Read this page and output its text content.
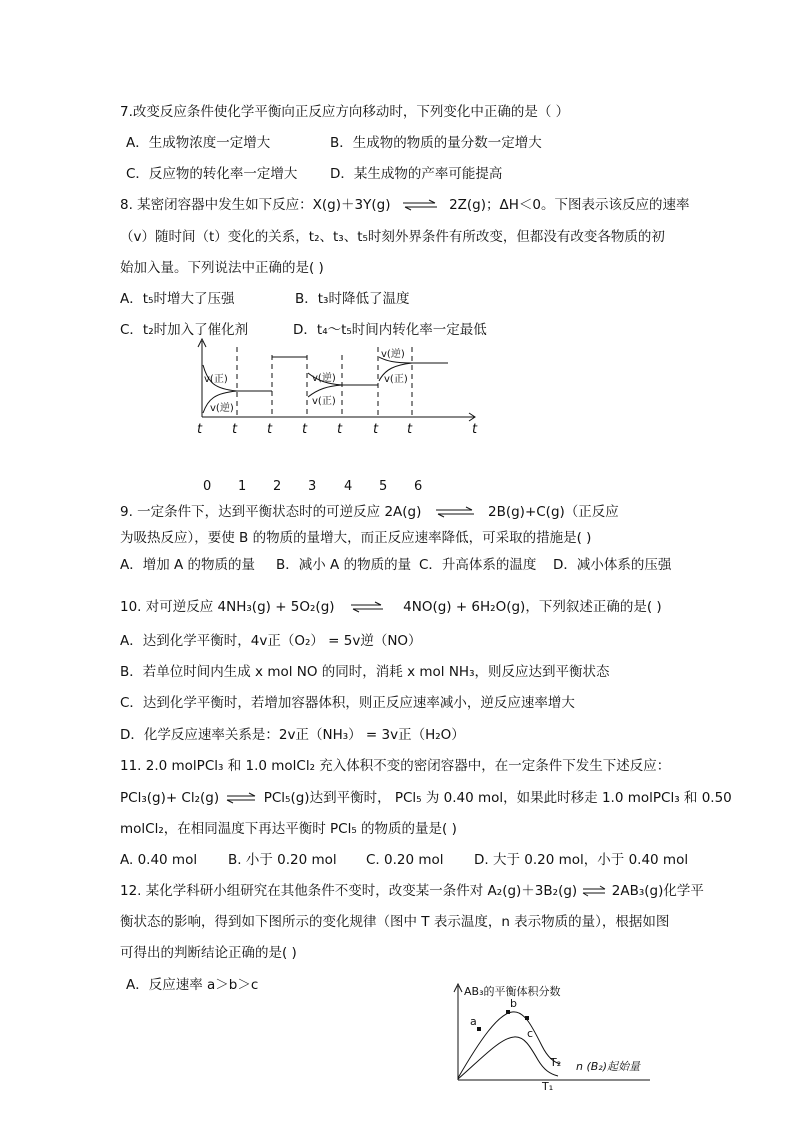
7.改变反应条件使化学平衡向正反应方向移动时，下列变化中正确的是（ ）
A．生成物浓度一定增大	B．生成物的物质的量分数一定增大
C．反应物的转化率一定增大 D．某生成物的产率可能提高
8. 某密闭容器中发生如下反应：X(g)＋3Y(g) ⇌ 2Z(g)；ΔH＜0。下图表示该反应的速率
（v）随时间（t）变化的关系，t₂、t₃、t₅时刻外界条件有所改变，但都没有改变各物质的初
始加入量。下列说法中正确的是( )
A．t₅时增大了压强	B．t₃时降低了温度
C．t₂时加入了催化剂	D．t₄～t₅时间内转化率一定最低
v(正)
v(逆)
v(逆)
v(正)
v(逆)
v(正)
t t t t t t t	t
0 1 2 3 4 5 6
9. 一定条件下，达到平衡状态时的可逆反应 2A(g) ⇌ 2B(g)+C(g)（正反应
为吸热反应），要使 B 的物质的量增大，而正反应速率降低，可采取的措施是( )
A．增加 A 的物质的量 B．减小 A 的物质的量 C．升高体系的温度 D．减小体系的压强
10. 对可逆反应 4NH₃(g) + 5O₂(g) ⇌ 4NO(g) + 6H₂O(g)，下列叙述正确的是( )
A．达到化学平衡时，4v正（O₂） = 5v逆（NO）
B．若单位时间内生成 x mol NO 的同时，消耗 x mol NH₃，则反应达到平衡状态
C．达到化学平衡时，若增加容器体积，则正反应速率减小，逆反应速率增大
D．化学反应速率关系是：2v正（NH₃） = 3v正（H₂O）
11. 2.0 molPCl₃ 和 1.0 molCl₂ 充入体积不变的密闭容器中，在一定条件下发生下述反应：
PCl₃(g)+ Cl₂(g) ⇌ PCl₅(g)达到平衡时， PCl₅ 为 0.40 mol，如果此时移走 1.0 molPCl₃ 和 0.50
molCl₂，在相同温度下再达平衡时 PCl₅ 的物质的量是( )
A. 0.40 mol B. 小于 0.20 mol C. 0.20 mol D. 大于 0.20 mol，小于 0.40 mol
12. 某化学科研小组研究在其他条件不变时，改变某一条件对 A₂(g)＋3B₂(g) ⇌ 2AB₃(g)化学平
衡状态的影响，得到如下图所示的变化规律（图中 T 表示温度，n 表示物质的量），根据如图
可得出的判断结论正确的是( )
A．反应速率 a＞b＞c	AB₃的平衡体积分数
n (B₂)起始量
a
b
c
T₂
T₁
